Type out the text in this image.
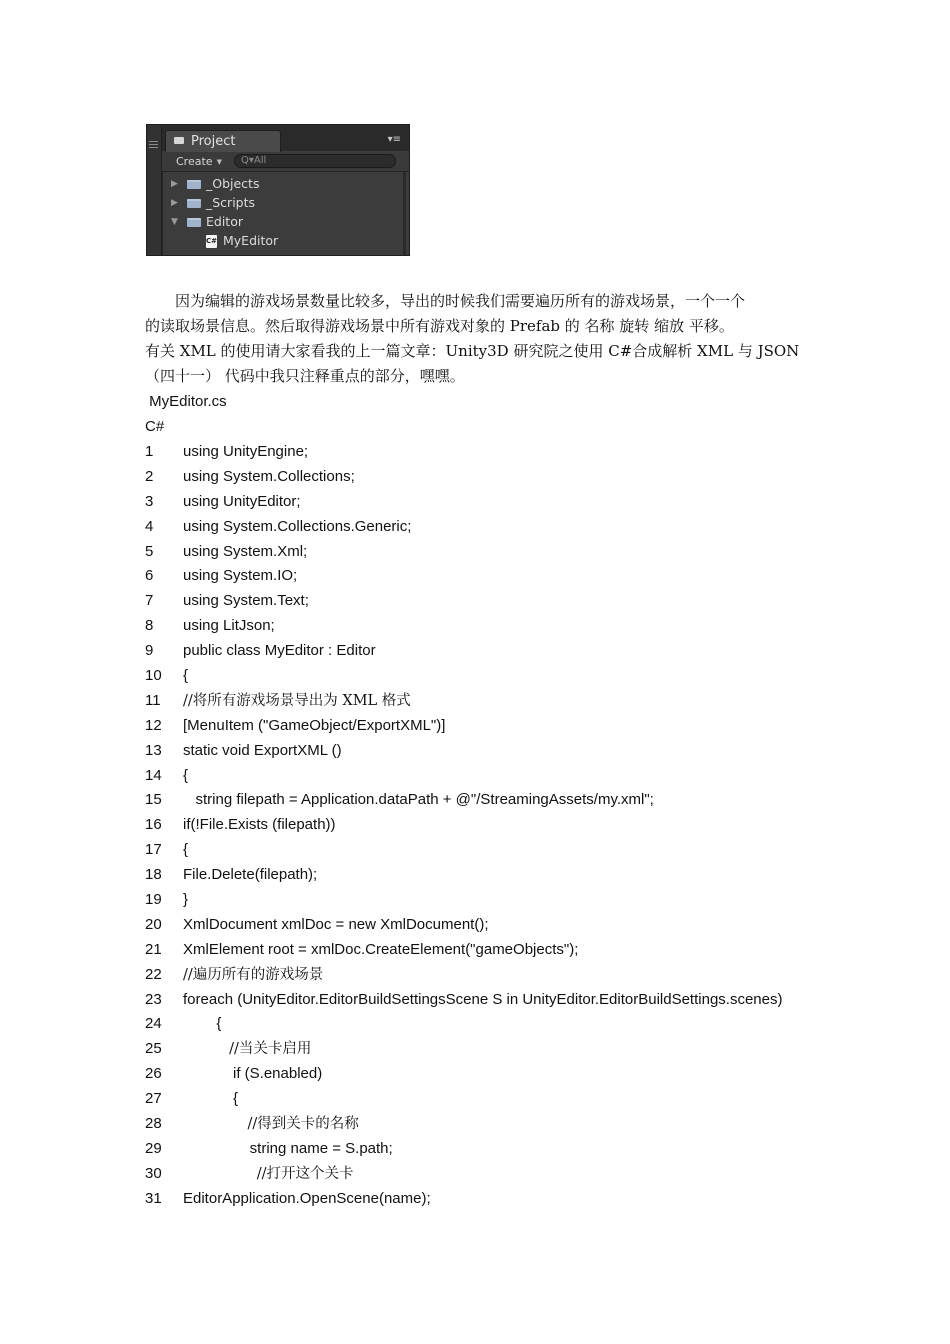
Project	▾≡
Create ▼	Q▾All
▶ _Objects
▶ _Scripts
▼ Editor
C# MyEditor
因为编辑的游戏场景数量比较多，导出的时候我们需要遍历所有的游戏场景，一个一个
的读取场景信息。然后取得游戏场景中所有游戏对象的 Prefab 的 名称 旋转 缩放 平移。
有关 XML 的使用请大家看我的上一篇文章：Unity3D 研究院之使用 C#合成解析 XML 与 JSON
（四十一） 代码中我只注释重点的部分，嘿嘿。
MyEditor.cs
C#
1	using UnityEngine;
2	using System.Collections;
3	using UnityEditor;
4	using System.Collections.Generic;
5	using System.Xml;
6	using System.IO;
7	using System.Text;
8	using LitJson;
9	public class MyEditor : Editor
10	{
11	//将所有游戏场景导出为 XML 格式
12	[MenuItem ("GameObject/ExportXML")]
13	static void ExportXML ()
14	{
15	string filepath = Application.dataPath + @"/StreamingAssets/my.xml";
16	if(!File.Exists (filepath))
17	{
18	File.Delete(filepath);
19	}
20	XmlDocument xmlDoc = new XmlDocument();
21	XmlElement root = xmlDoc.CreateElement("gameObjects");
22	//遍历所有的游戏场景
23	foreach (UnityEditor.EditorBuildSettingsScene S in UnityEditor.EditorBuildSettings.scenes)
24	{
25	//当关卡启用
26	if (S.enabled)
27	{
28	//得到关卡的名称
29	string name = S.path;
30	//打开这个关卡
31	EditorApplication.OpenScene(name);
